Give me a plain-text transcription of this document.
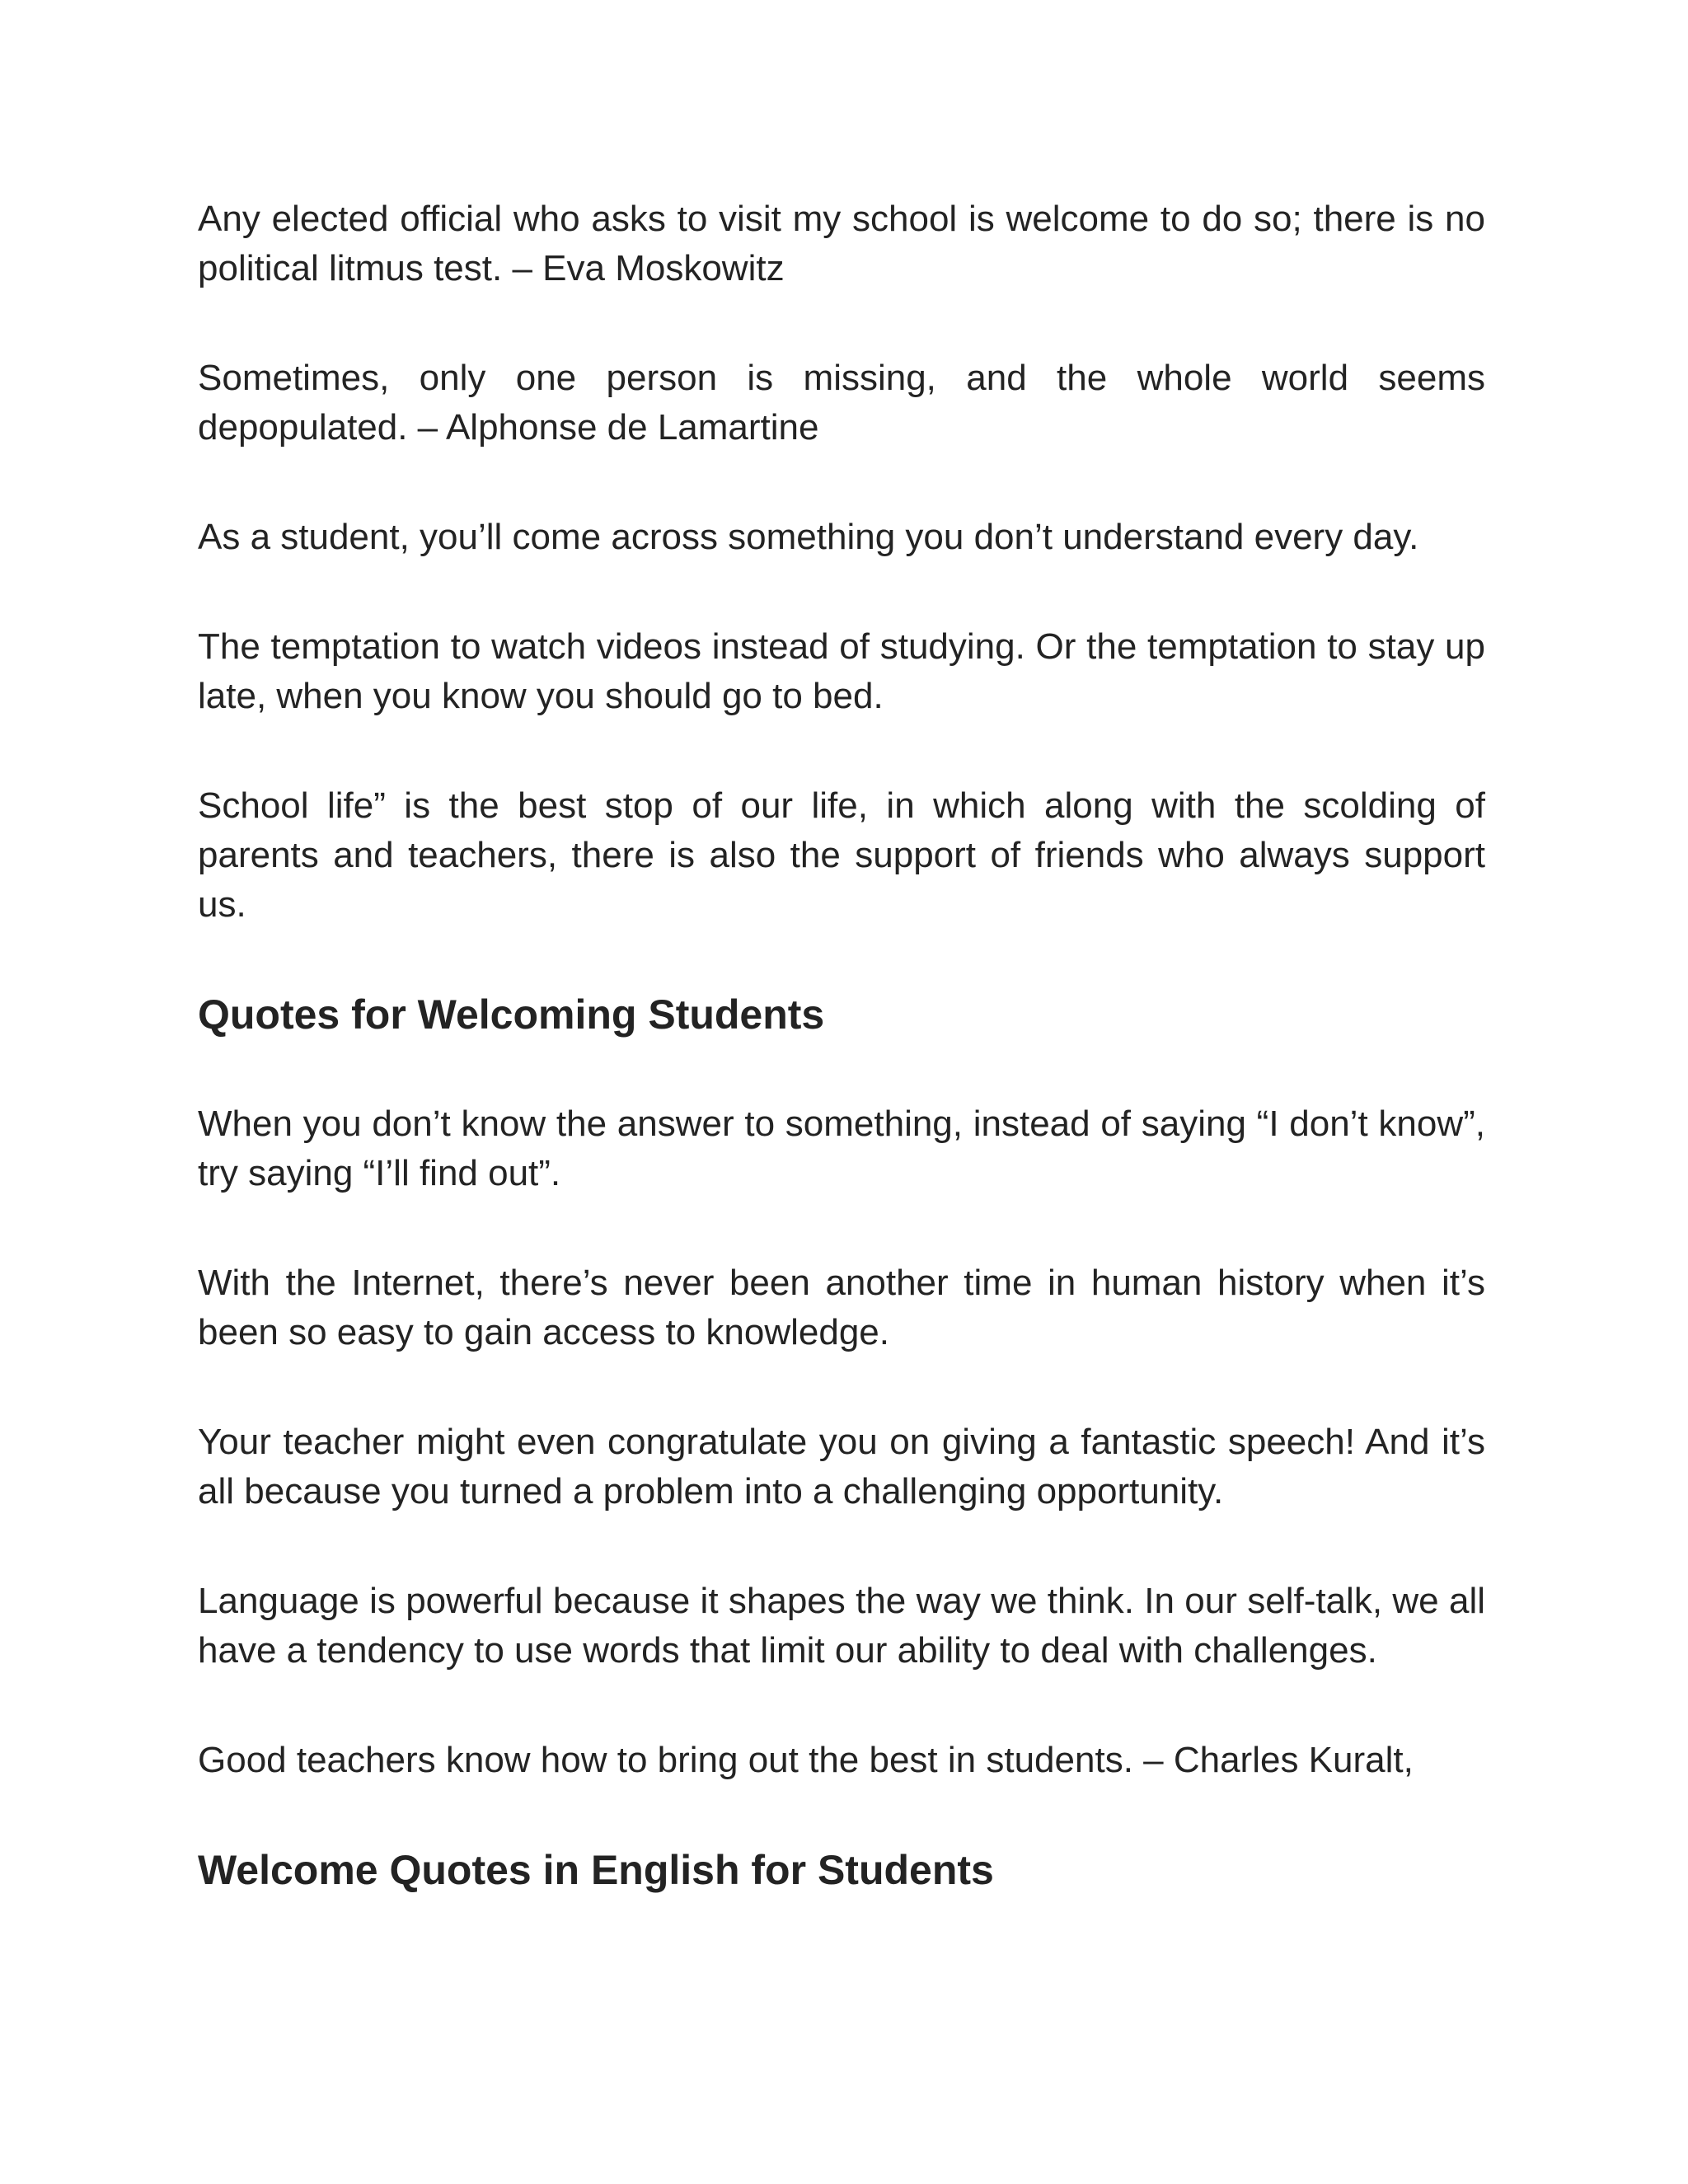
Any elected official who asks to visit my school is welcome to do so; there is no political litmus test. – Eva Moskowitz

Sometimes, only one person is missing, and the whole world seems depopulated. – Alphonse de Lamartine

As a student, you’ll come across something you don’t understand every day.

The temptation to watch videos instead of studying. Or the temptation to stay up late, when you know you should go to bed.

School life” is the best stop of our life, in which along with the scolding of parents and teachers, there is also the support of friends who always support us.

Quotes for Welcoming Students

When you don’t know the answer to something, instead of saying “I don’t know”, try saying “I’ll find out”.

With the Internet, there’s never been another time in human history when it’s been so easy to gain access to knowledge.

Your teacher might even congratulate you on giving a fantastic speech! And it’s all because you turned a problem into a challenging opportunity.

Language is powerful because it shapes the way we think. In our self-talk, we all have a tendency to use words that limit our ability to deal with challenges.

Good teachers know how to bring out the best in students. – Charles Kuralt,

Welcome Quotes in English for Students
